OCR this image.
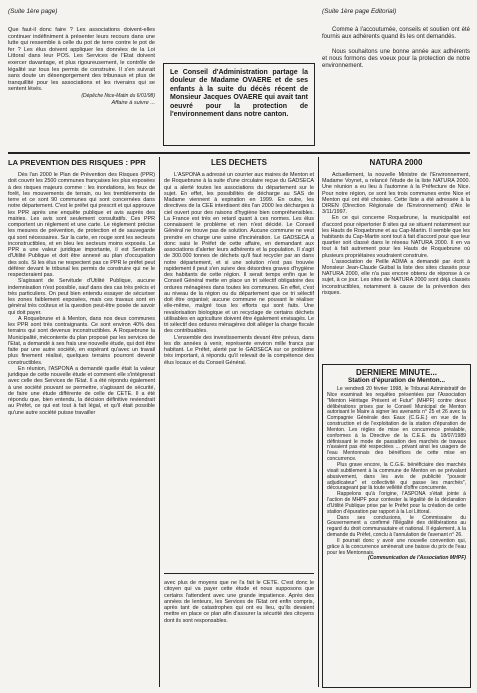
(Suite 1ère page)	(Suite 1ère page Editorial)

Que faut-il donc faire ? Les associations doivent-elles continuer indéfiniment à présenter leurs recours dans une lutte qui ressemble à celle du pot de terre contre le pot de fer ? Les élus doivent appliquer les données de la Loi Littoral dans leur POS. Les Services de l'Etat doivent exercer davantage, et plus rigoureusement, le contrôle de légalité sur tous les permis de construire. Il s'en suivrait sans doute un désengorgement des tribunaux et plus de tranquillité pour les associations et les riverains qui se sentent lésés.

(Dépêche Nice-Matin du 6/01/98)

Affaire à suivre ...

Le Conseil d'Administration partage la douleur de Madame OVAERE et de ses enfants à la suite du décès récent de Monsieur Jacques OVAERE qui avait tant oeuvré pour la protection de l'environnement dans notre canton.

Comme à l'accoutumée, conseils et soutien ont été fournis aux adhérents quand ils les ont demandés.

Nous souhaitons une bonne année aux adhérents et nous formons des voeux pour la protection de notre environnement.

LA PREVENTION DES RISQUES : PPR

Dès l'an 2000 le Plan de Prévention des Risques (PPR) doit couvrir les 2500 communes françaises les plus exposées à des risques majeurs comme : les inondations, les feux de forêt, les mouvements de terrain, ou les tremblements de terre et ce sont 90 communes qui sont concernées dans notre département. C'est le préfet qui prescrit et qui approuve les PPR après une enquête publique et avis auprès des mairies. Les avis sont seulement consultatifs. Ces PPR comportent un règlement et une carte. Le règlement précise les mesures de prévention, de protection et de sauvegarde qui sont nécessaires. Sur la carte, en rouge sont les secteurs inconstructibles, et en bleu les secteurs moins exposés. Le PPR a une valeur juridique importante, il est Servitude d'Utilité Publique et doit être annexé au plan d'occupation des sols. Si les élus ne respectent pas ce PPR le préfet peut déférer devant le tribunal les permis de construire qui ne le respecteraient pas.

S'agissant de Servitude d'Utilité Publique, aucune indemnisation n'est possible, sauf dans des cas très précis et très particuliers. On peut bien entendu essayer de sécuriser les zones faiblement exposées, mais ces travaux sont en général très coûteux et la question peut-être posée de savoir qui doit payer.

A Roquebrune et à Menton, dans nos deux communes les PPR sont très contraignants. Ce sont environ 40% des terrains qui sont devenus inconstructibles. A Roquebrune la Municipalité, mécontente du plan proposé par les services de l'Etat, a demandé à ses frais une nouvelle étude, qui doit être faite par une autre société, en espérant qu'avec un travail plus finement réalisé, quelques terrains pourront devenir constructibles.

En réunion, l'ASPONA a demandé quelle était la valeur juridique de cette nouvelle étude et comment elle s'intégrerait avec celle des Services de l'Etat. Il a été répondu également à une société pouvant se permettre, s'agissant de sécurité, de faire une étude différente de celle de CETE. Il a été répondu que, bien entendu, la décision définitive reviendrait au Préfet, ce qui est tout à fait légal, et qu'il était possible qu'une autre société puisse travailler

LES DECHETS

L'ASPONA a adressé un courrier aux maires de Menton et de Roquebrune à la suite d'une circulaire reçue du GADSECA qui a alerté toutes les associations du département sur le sujet. En effet, les possibilités de décharge au SAS de Madame viennent à expiration en 1999. En outre, les directives de la CEE interdisent dès l'an 2000 les décharges à ciel ouvert pour des raisons d'hygiène bien compréhensibles. La France est très en retard quant à ces normes. Les élus connaissent le problème et rien n'est décidé. Le Conseil Général ne trouve pas de solution. Aucune commune ne veut prendre en charge une usine d'incinération. Le GADSECA a donc saisi le Préfet de cette affaire, en demandant aux associations d'alerter leurs adhérents et la population. Il s'agit de 300.000 tonnes de déchets qu'il faut recycler par an dans notre département, et si une solution n'est pas trouvée rapidement il peut s'en suivre des désordres graves d'hygiène des habitants de cette région. Il serait temps enfin que le Conseil Général mette en place un tri sélectif obligatoire des ordures ménagères dans toutes les communes. En effet, c'est au niveau de la région ou du département que ce tri sélectif doit être organisé; aucune commune ne pouvant le réaliser elle-même, malgré tous les efforts qui sont faits. Une revalorisation biologique et un recyclage de certains déchets utilisables en agriculture doivent être également envisagés. Le tri sélectif des ordures ménagères doit alléger la charge fiscale des contribuables.

L'ensemble des investissements devant être prévus, dans les dix années à venir, représente environ mille francs par habitant. Le Préfet, alerté par le GADSECA sur ce problème très important, à répondu qu'il relevait de la compétence des élus locaux et du Conseil Général.

avec plus de moyens que ne l'a fait le CETE. C'est donc le citoyen qui va payer cette étude et nous supposons que certains l'attendent avec une grande impatience. Après des années de lenteurs, les Services de l'Etat ont enfin compris, après tant de catastrophes qui ont eu lieu, qu'ils devaient mettre en place ce plan afin d'assurer la sécurité des citoyens dont ils sont responsables.

NATURA 2000

Actuellement, la nouvelle Ministre de l'Environnement, Madame Voynet, a relancé l'étude de la liste NATURA 2000. Une réunion a eu lieu à l'automne à la Préfecture de Nice. Pour notre région, ce sont les trois communes entre Nice et Menton qui ont été choisies. Cette liste a été adressée à la DIREN (Direction Régionale de l'Environnement) d'Aix le 3/11/1997.

En ce qui concerne Roquebrune, la municipalité est d'accord pour répertorier 8 sites qui se situent notamment sur les Hauts de Roquebrune et au Cap-Martin. Il semble que les habitants du Cap-Martin sont tout à fait d'accord pour que leur quartier soit classé dans le réseau NATURA 2000. Il en va tout à fait autrement pour les Hauts de Roquebrune où plusieurs propriétaires voudraient construire.

L'association de Peille ADMA a demandé par écrit à Monsieur Jean-Claude Guibal la liste des sites classés pour NATURA 2000, elle n'a pas encore obtenu de réponse à ce sujet, à ce jour. Les sites de NATURA 2000 sont déjà classés inconstructibles, notamment à cause de la prévention des risques.

DERNIERE MINUTE...
Station d'épuration de Menton...

Le vendredi 20 février 1998, le Tribunal Administratif de Nice examinait les requêtes présentées par l'Association "Menton Héritage Présent et Futur" (MHPF) contre deux délibérations prises par le Conseil Municipal de Menton autorisant le Maire à signer les avenants n° 25 et 26 avec la Compagnie Générale des Eaux (C.G.E.) en vue de la construction et de l'exploitation de la station d'épuration de Menton. Les règles de mise en concurrence préalable, conformes à la Directive de la C.E.E. du 18/07/1989 définissant le mode de passation des marchés de travaux n'avaient pas été respectées ... privant ainsi les usagers de l'eau Mentonnais des bénéfices de cette mise en concurrence.

Plus grave encore, la C.G.E. bénéficiaire des marchés visait subtilement à la commune de Menton en se prévalant abusivement, dans les avis de publicité "pouvoir adjudicateur" et collectivité qui passe les marchés", décourageant par là toute velléité d'offre concurrente.

Rappelons qu'à l'origine, l'ASPONA s'était jointe à l'action de MHPF pour contester la légalité de la déclaration d'Utilité Publique prise par le Préfet pour la création de cette station d'épuration par rapport à la Loi Littoral.

Dans ses conclusions, le Commissaire du Gouvernement a confirmé l'illégalité des délibérations au regard du droit communautaire et national. Il également, à la demande du Préfet, conclu à l'annulation de l'avenant n° 26.

Il pourrait donc y avoir une nouvelle convention qui, grâce à la concurrence amènerait une baisse du prix de l'eau pour les Mentonnais.

(Communication de l'Association MHPF)
